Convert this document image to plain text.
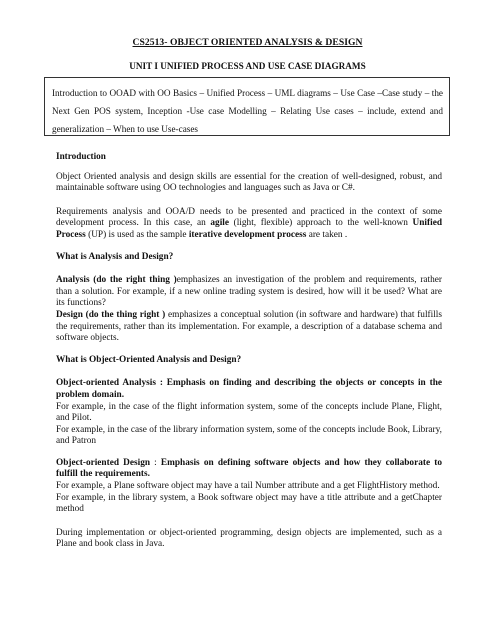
CS2513- OBJECT ORIENTED ANALYSIS & DESIGN
UNIT I UNIFIED PROCESS AND USE CASE DIAGRAMS
Introduction to OOAD with OO Basics – Unified Process – UML diagrams – Use Case –Case study – the Next Gen POS system, Inception -Use case Modelling – Relating Use cases – include, extend and generalization – When to use Use-cases

Introduction

Object Oriented analysis and design skills are essential for the creation of well-designed, robust, and maintainable software using OO technologies and languages such as Java or C#.

Requirements analysis and OOA/D needs to be presented and practiced in the context of some development process. In this case, an agile (light, flexible) approach to the well-known Unified Process (UP) is used as the sample iterative development process are taken .

What is Analysis and Design?

Analysis (do the right thing )emphasizes an investigation of the problem and requirements, rather than a solution. For example, if a new online trading system is desired, how will it be used? What are its functions?

Design (do the thing right ) emphasizes a conceptual solution (in software and hardware) that fulfills the requirements, rather than its implementation. For example, a description of a database schema and software objects.

What is Object-Oriented Analysis and Design?

Object-oriented Analysis : Emphasis on finding and describing the objects or concepts in the problem domain.

For example, in the case of the flight information system, some of the concepts include Plane, Flight, and Pilot.

For example, in the case of the library information system, some of the concepts include Book, Library, and Patron

Object-oriented Design : Emphasis on defining software objects and how they collaborate to fulfill the requirements.

For example, a Plane software object may have a tail Number attribute and a get FlightHistory method.

For example, in the library system, a Book software object may have a title attribute and a getChapter method

During implementation or object-oriented programming, design objects are implemented, such as a Plane and book class in Java.
